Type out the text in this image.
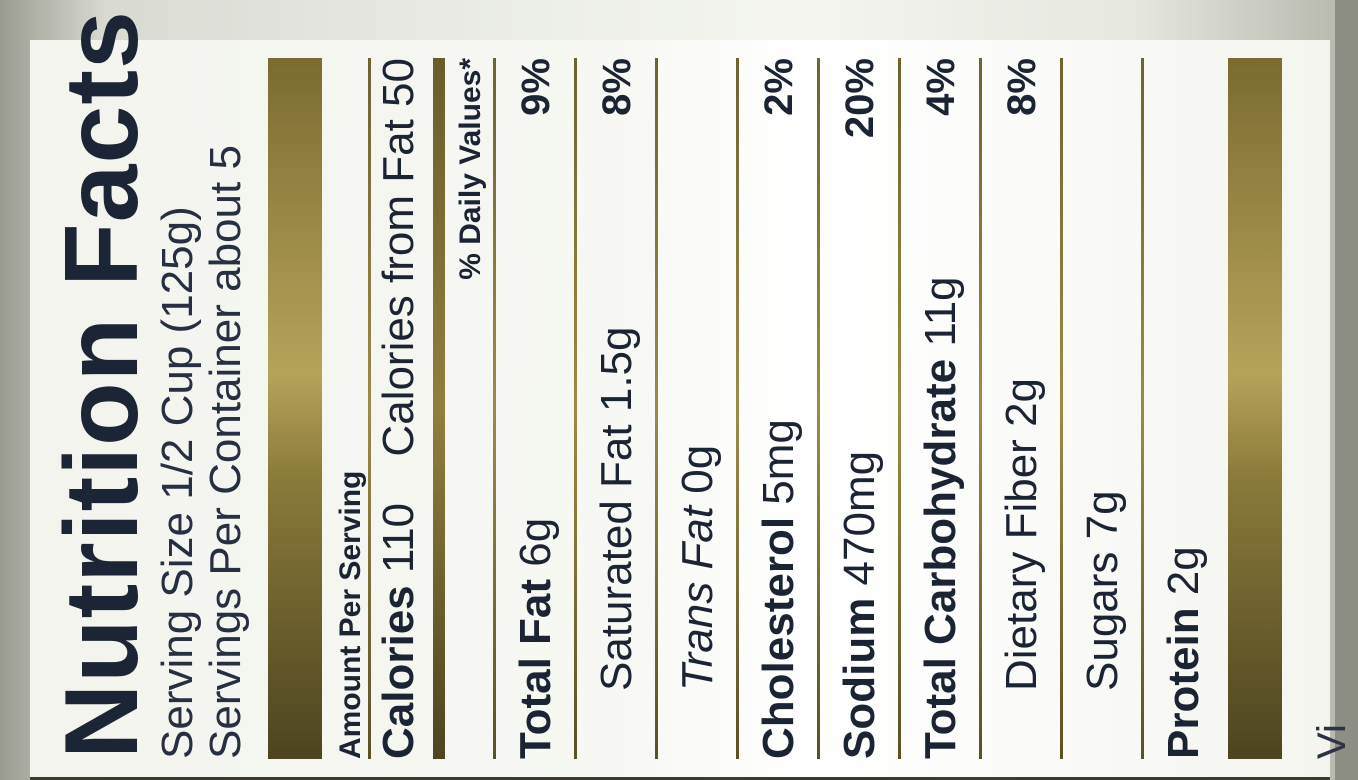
Nutrition Facts
Serving Size 1/2 Cup (125g) Servings Per Container about 5	Amount Per Serving Calories 110
Calories from Fat 50 % Daily Values*
Total Fat 6g
9%
Saturated Fat 1.5g
8%
Trans Fat 0g
Cholesterol 5mg
2%
Sodium 470mg
20%
Total Carbohydrate 11g
4%
Dietary Fiber 2g
8%
Sugars 7g
Protein 2g
Vi
